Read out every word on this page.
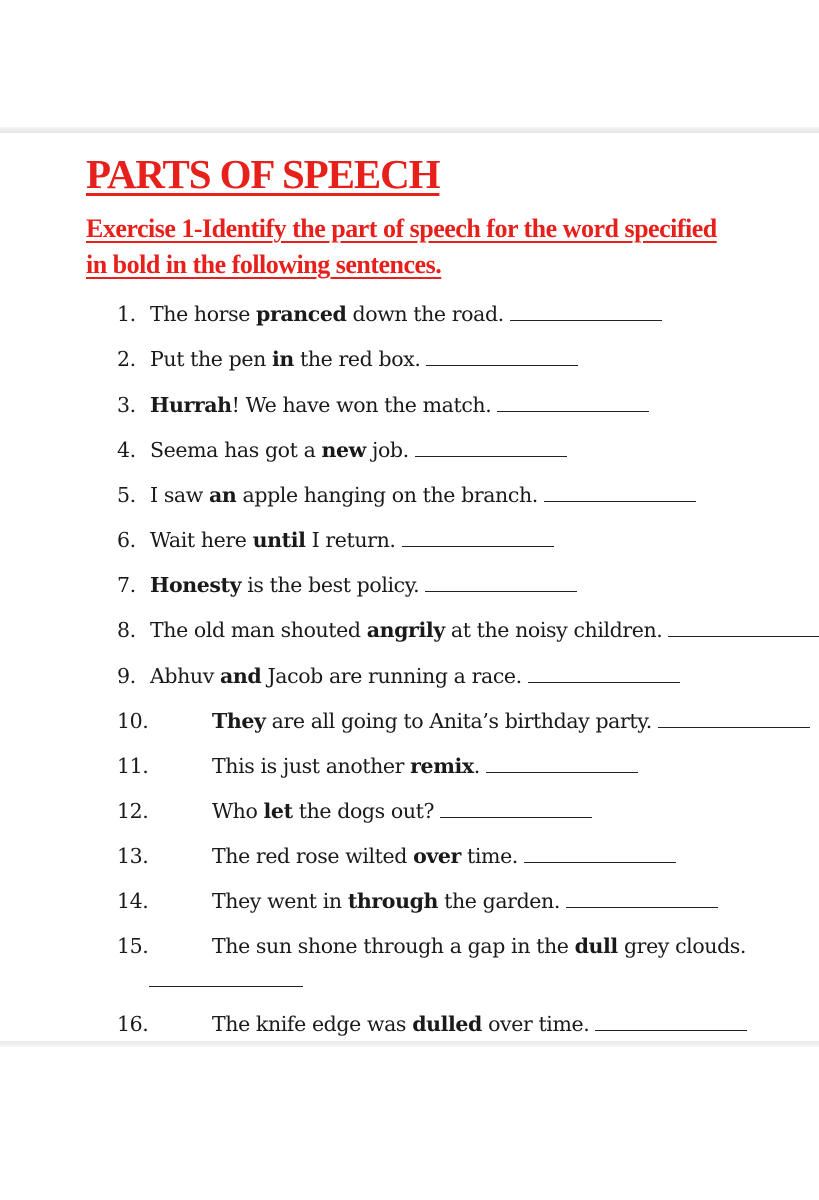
PARTS OF SPEECH

Exercise 1-Identify the part of speech for the word specified

in bold in the following sentences.

1. The horse pranced down the road.
2. Put the pen in the red box.
3. Hurrah! We have won the match.
4. Seema has got a new job.
5. I saw an apple hanging on the branch.
6. Wait here until I return.
7. Honesty is the best policy.
8. The old man shouted angrily at the noisy children.
9. Abhuv and Jacob are running a race.
10.	They are all going to Anita’s birthday party.
11.	This is just another remix.
12.	Who let the dogs out?
13.	The red rose wilted over time.
14.	They went in through the garden.
15.	The sun shone through a gap in the dull grey clouds.
16.	The knife edge was dulled over time.
